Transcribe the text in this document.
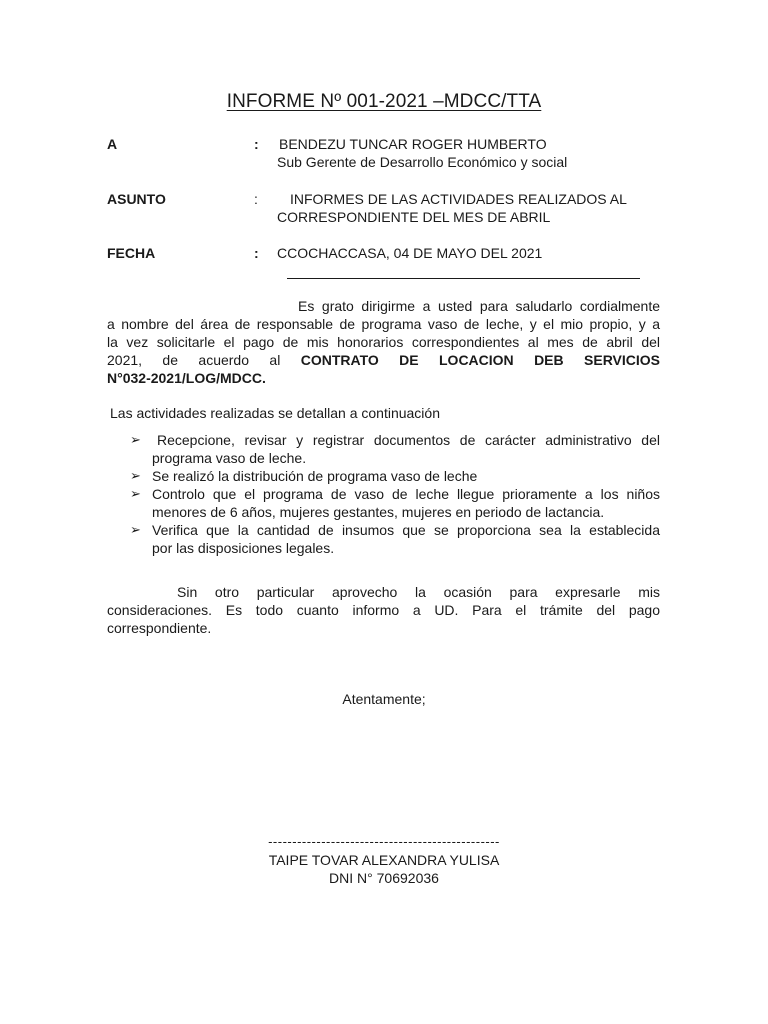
INFORME Nº 001-2021 –MDCC/TTA
A	: BENDEZU TUNCAR ROGER HUMBERTO
Sub Gerente de Desarrollo Económico y social
ASUNTO	: INFORMES DE LAS ACTIVIDADES REALIZADOS AL
CORRESPONDIENTE DEL MES DE ABRIL
FECHA	: CCOCHACCASA, 04 DE MAYO DEL 2021
Es grato dirigirme a usted para saludarlo cordialmente
a nombre del área de responsable de programa vaso de leche, y el mio propio, y a
la vez solicitarle el pago de mis honorarios correspondientes al mes de abril del
2021, de acuerdo al CONTRATO DE LOCACION DEB SERVICIOS
N°032-2021/LOG/MDCC.
Las actividades realizadas se detallan a continuación
➢	Recepcione, revisar y registrar documentos de carácter administrativo del
programa vaso de leche.
➢ Se realizó la distribución de programa vaso de leche
➢ Controlo que el programa de vaso de leche llegue prioramente a los niños
menores de 6 años, mujeres gestantes, mujeres en periodo de lactancia.
➢ Verifica que la cantidad de insumos que se proporciona sea la establecida
por las disposiciones legales.
Sin otro particular aprovecho la ocasión para expresarle mis
consideraciones. Es todo cuanto informo a UD. Para el trámite del pago
correspondiente.
Atentamente;
------------------------------------------------
TAIPE TOVAR ALEXANDRA YULISA
DNI N° 70692036
